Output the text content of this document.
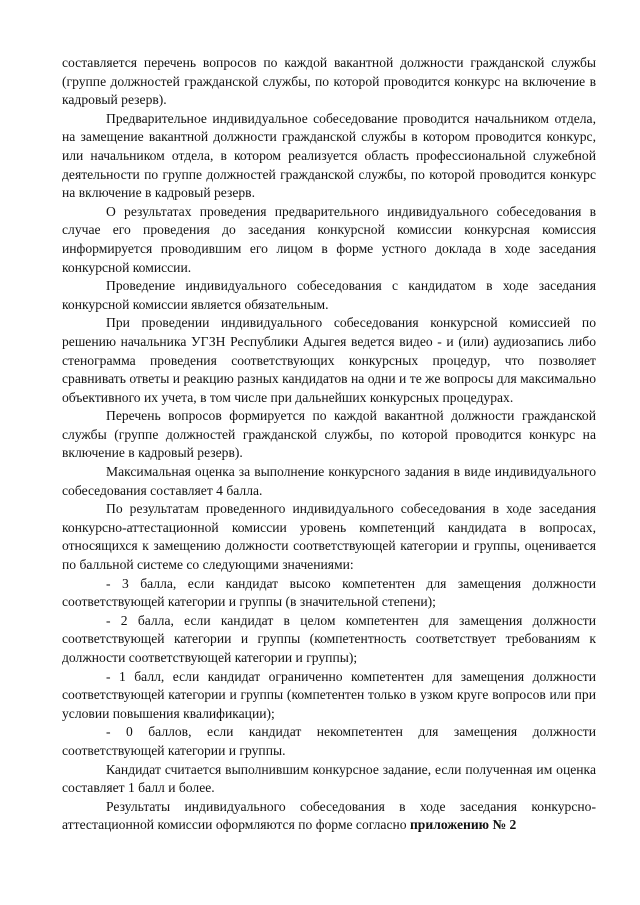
составляется перечень вопросов по каждой вакантной должности гражданской службы (группе должностей гражданской службы, по которой проводится конкурс на включение в кадровый резерв).

Предварительное индивидуальное собеседование проводится начальником отдела, на замещение вакантной должности гражданской службы в котором проводится конкурс, или начальником отдела, в котором реализуется область профессиональной служебной деятельности по группе должностей гражданской службы, по которой проводится конкурс на включение в кадровый резерв.

О результатах проведения предварительного индивидуального собеседования в случае его проведения до заседания конкурсной комиссии конкурсная комиссия информируется проводившим его лицом в форме устного доклада в ходе заседания конкурсной комиссии.

Проведение индивидуального собеседования с кандидатом в ходе заседания конкурсной комиссии является обязательным.

При проведении индивидуального собеседования конкурсной комиссией по решению начальника УГЗН Республики Адыгея ведется видео - и (или) аудиозапись либо стенограмма проведения соответствующих конкурсных процедур, что позволяет сравнивать ответы и реакцию разных кандидатов на одни и те же вопросы для максимально объективного их учета, в том числе при дальнейших конкурсных процедурах.

Перечень вопросов формируется по каждой вакантной должности гражданской службы (группе должностей гражданской службы, по которой проводится конкурс на включение в кадровый резерв).

Максимальная оценка за выполнение конкурсного задания в виде индивидуального собеседования составляет 4 балла.

По результатам проведенного индивидуального собеседования в ходе заседания конкурсно-аттестационной комиссии уровень компетенций кандидата в вопросах, относящихся к замещению должности соответствующей категории и группы, оценивается по балльной системе со следующими значениями:

- 3 балла, если кандидат высоко компетентен для замещения должности соответствующей категории и группы (в значительной степени);

- 2 балла, если кандидат в целом компетентен для замещения должности соответствующей категории и группы (компетентность соответствует требованиям к должности соответствующей категории и группы);

- 1 балл, если кандидат ограниченно компетентен для замещения должности соответствующей категории и группы (компетентен только в узком круге вопросов или при условии повышения квалификации);

- 0 баллов, если кандидат некомпетентен для замещения должности соответствующей категории и группы.

Кандидат считается выполнившим конкурсное задание, если полученная им оценка составляет 1 балл и более.

Результаты индивидуального собеседования в ходе заседания конкурсно-аттестационной комиссии оформляются по форме согласно приложению № 2
